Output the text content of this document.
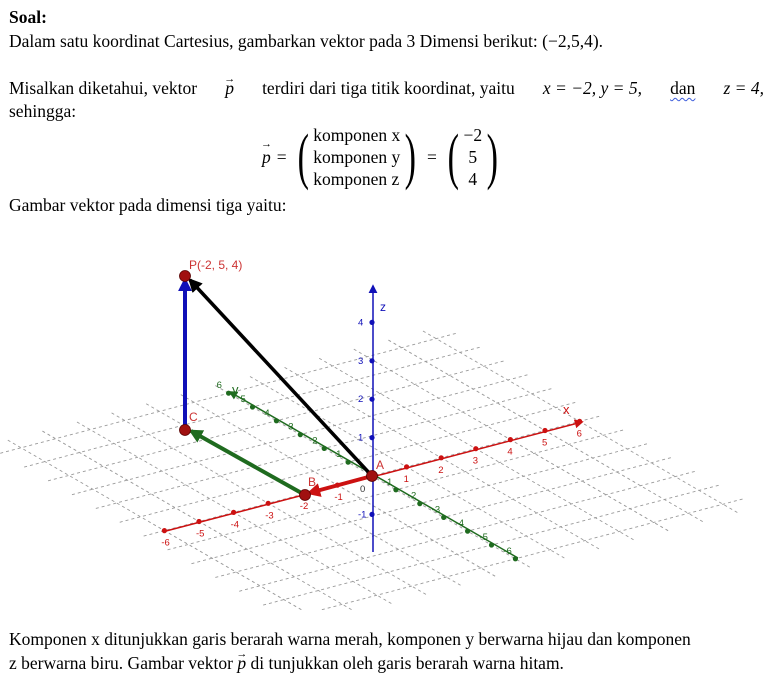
Soal:
Dalam satu koordinat Cartesius, gambarkan vektor pada 3 Dimensi berikut: (−2,5,4).
Misalkan diketahui, vektor → p terdiri dari tiga titik koordinat, yaitu x = −2, y = 5, dan z = 4,
sehingga:
→ p = ( komponen x
komponen y
komponen z ) = ( −2
5
4 )
Gambar vektor pada dimensi tiga yaitu:
-6
-5
-4
-3
-2
-1
1
2
3
4
5
6
6
5
4
3
2
1
-1
-2
-3
-4
-5
-6
4
3
2
1
-1
0
x
y
z
A
B
C
P(-2, 5, 4)
Komponen x ditunjukkan garis berarah warna merah, komponen y berwarna hijau dan komponen
z berwarna biru. Gambar vektor → p di tunjukkan oleh garis berarah warna hitam.
